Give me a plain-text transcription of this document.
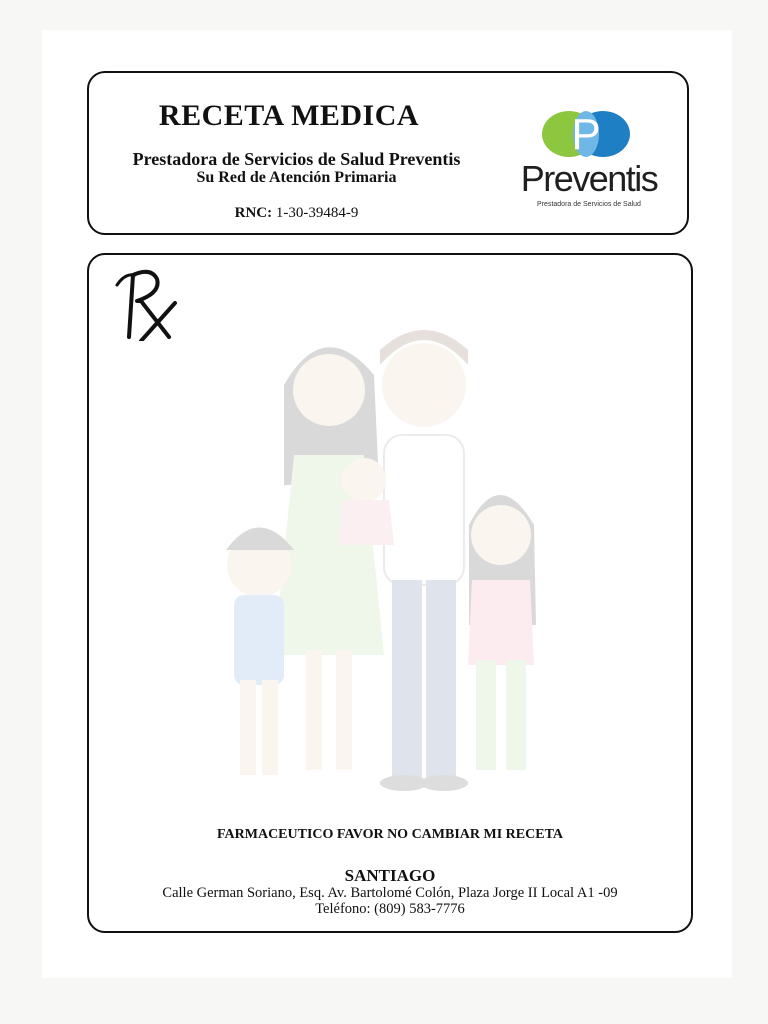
RECETA MEDICA
Prestadora de Servicios de Salud Preventis
Su Red de Atención Primaria
RNC: 1-30-39484-9
P
Preventis
Prestadora de Servicios de Salud
FARMACEUTICO FAVOR NO CAMBIAR MI RECETA
SANTIAGO
Calle German Soriano, Esq. Av. Bartolomé Colón, Plaza Jorge II Local A1 -09
Teléfono: (809) 583-7776
